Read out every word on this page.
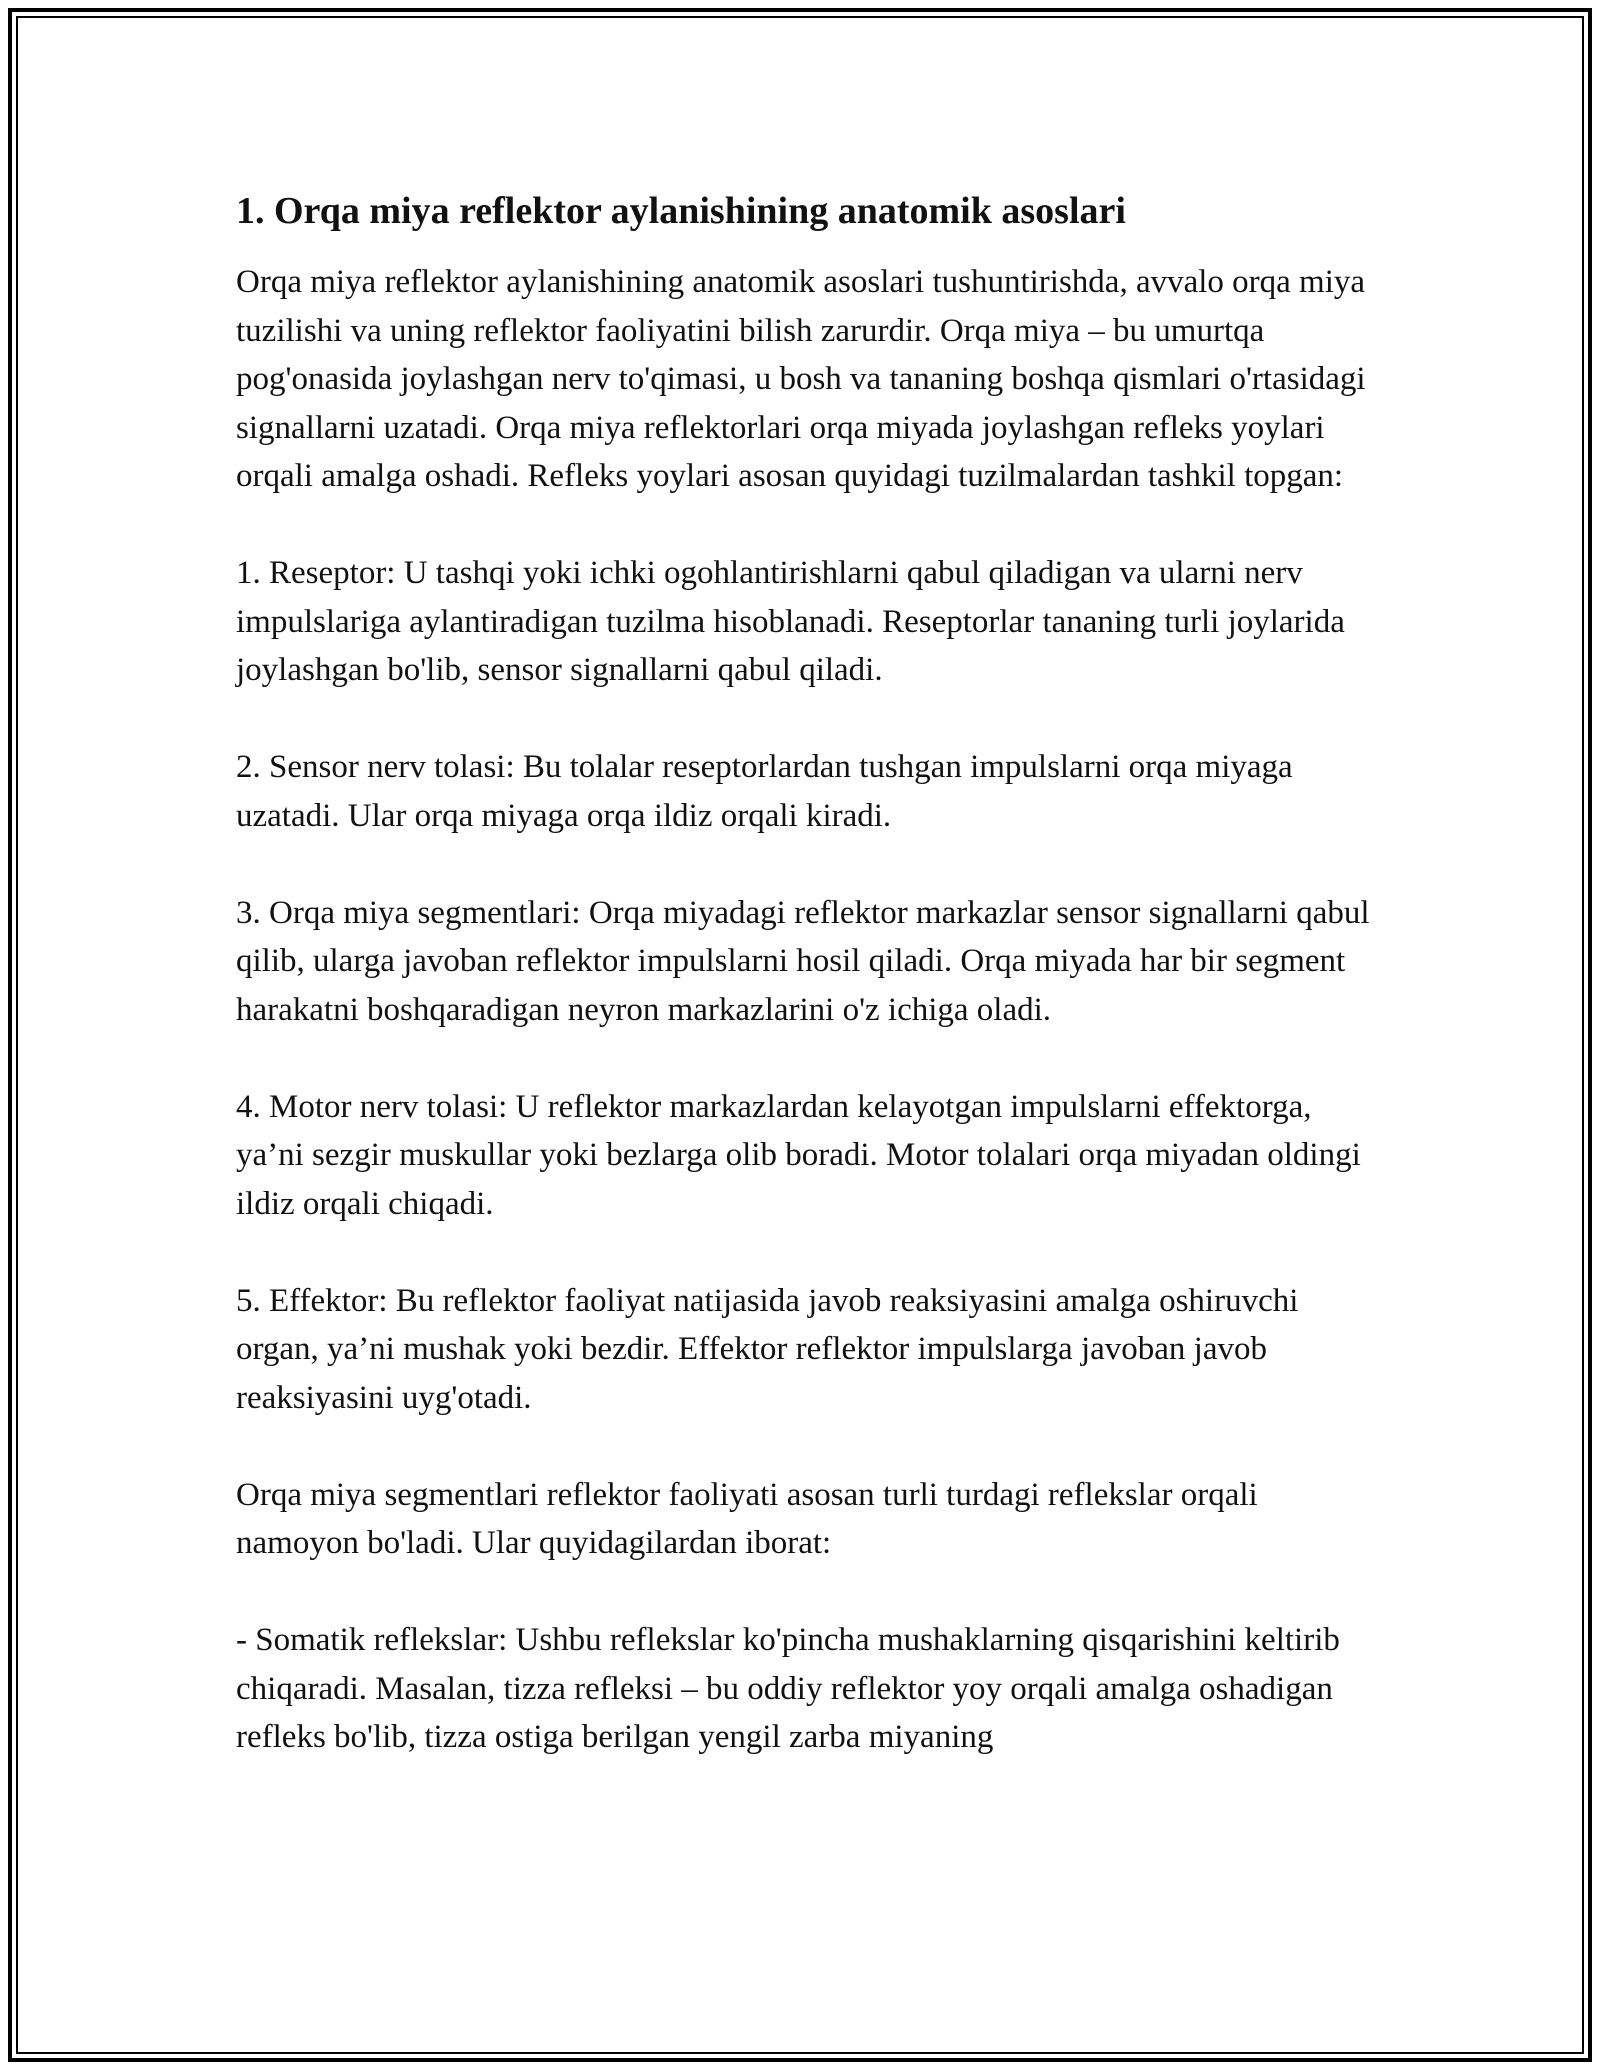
1. Orqa miya reflektor aylanishining anatomik asoslari

Orqa miya reflektor aylanishining anatomik asoslari tushuntirishda, avvalo orqa miya tuzilishi va uning reflektor faoliyatini bilish zarurdir. Orqa miya – bu umurtqa pog'onasida joylashgan nerv to'qimasi, u bosh va tananing boshqa qismlari o'rtasidagi signallarni uzatadi. Orqa miya reflektorlari orqa miyada joylashgan refleks yoylari orqali amalga oshadi. Refleks yoylari asosan quyidagi tuzilmalardan tashkil topgan:

1. Reseptor: U tashqi yoki ichki ogohlantirishlarni qabul qiladigan va ularni nerv impulslariga aylantiradigan tuzilma hisoblanadi. Reseptorlar tananing turli joylarida joylashgan bo'lib, sensor signallarni qabul qiladi.

2. Sensor nerv tolasi: Bu tolalar reseptorlardan tushgan impulslarni orqa miyaga uzatadi. Ular orqa miyaga orqa ildiz orqali kiradi.

3. Orqa miya segmentlari: Orqa miyadagi reflektor markazlar sensor signallarni qabul qilib, ularga javoban reflektor impulslarni hosil qiladi. Orqa miyada har bir segment harakatni boshqaradigan neyron markazlarini o'z ichiga oladi.

4. Motor nerv tolasi: U reflektor markazlardan kelayotgan impulslarni effektorga, ya’ni sezgir muskullar yoki bezlarga olib boradi. Motor tolalari orqa miyadan oldingi ildiz orqali chiqadi.

5. Effektor: Bu reflektor faoliyat natijasida javob reaksiyasini amalga oshiruvchi organ, ya’ni mushak yoki bezdir. Effektor reflektor impulslarga javoban javob reaksiyasini uyg'otadi.

Orqa miya segmentlari reflektor faoliyati asosan turli turdagi reflekslar orqali namoyon bo'ladi. Ular quyidagilardan iborat:

- Somatik reflekslar: Ushbu reflekslar ko'pincha mushaklarning qisqarishini keltirib chiqaradi. Masalan, tizza refleksi – bu oddiy reflektor yoy orqali amalga oshadigan refleks bo'lib, tizza ostiga berilgan yengil zarba miyaning
